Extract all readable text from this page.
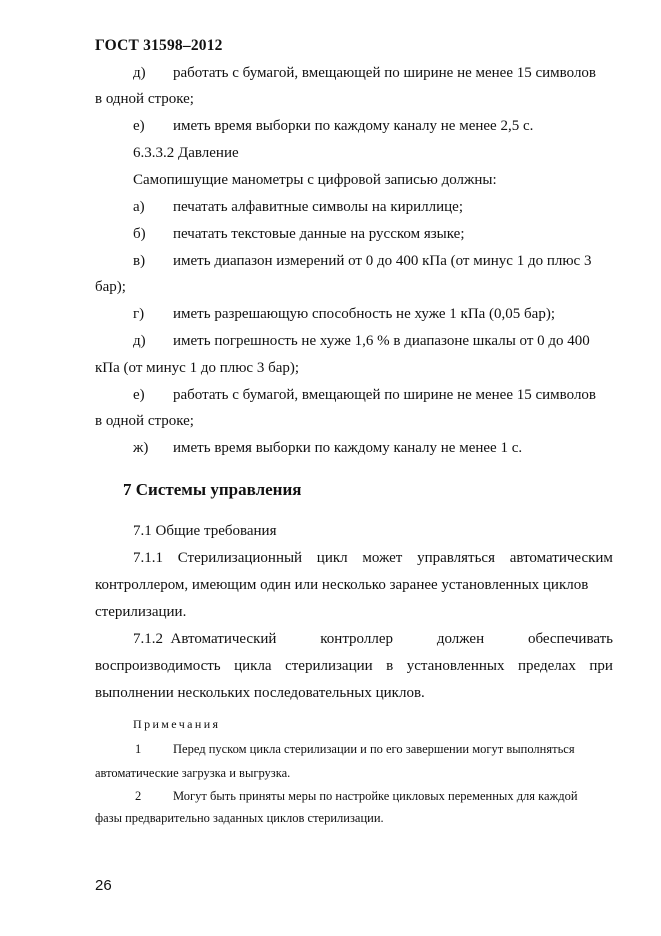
ГОСТ 31598–2012
д) работать с бумагой, вмещающей по ширине не менее 15 символов
в одной строке;
е) иметь время выборки по каждому каналу не менее 2,5 с.
6.3.3.2 Давление
Самопишущие манометры с цифровой записью должны:
а) печатать алфавитные символы на кириллице;
б) печатать текстовые данные на русском языке;
в) иметь диапазон измерений от 0 до 400 кПа (от минус 1 до плюс 3
бар);
г) иметь разрешающую способность не хуже 1 кПа (0,05 бар);
д) иметь погрешность не хуже 1,6 % в диапазоне шкалы от 0 до 400
кПа (от минус 1 до плюс 3 бар);
е) работать с бумагой, вмещающей по ширине не менее 15 символов
в одной строке;
ж) иметь время выборки по каждому каналу не менее 1 с.
7 Системы управления
7.1 Общие требования
7.1.1 Стерилизационный цикл может управляться автоматическим
контроллером, имеющим один или несколько заранее установленных циклов
стерилизации.
7.1.2 Автоматический	контроллер	должен	обеспечивать
воспроизводимость цикла стерилизации в установленных пределах при
выполнении нескольких последовательных циклов.
Примечания
1	Перед пуском цикла стерилизации и по его завершении могут выполняться
автоматические загрузка и выгрузка.
2	Могут быть приняты меры по настройке цикловых переменных для каждой
фазы предварительно заданных циклов стерилизации.
26
